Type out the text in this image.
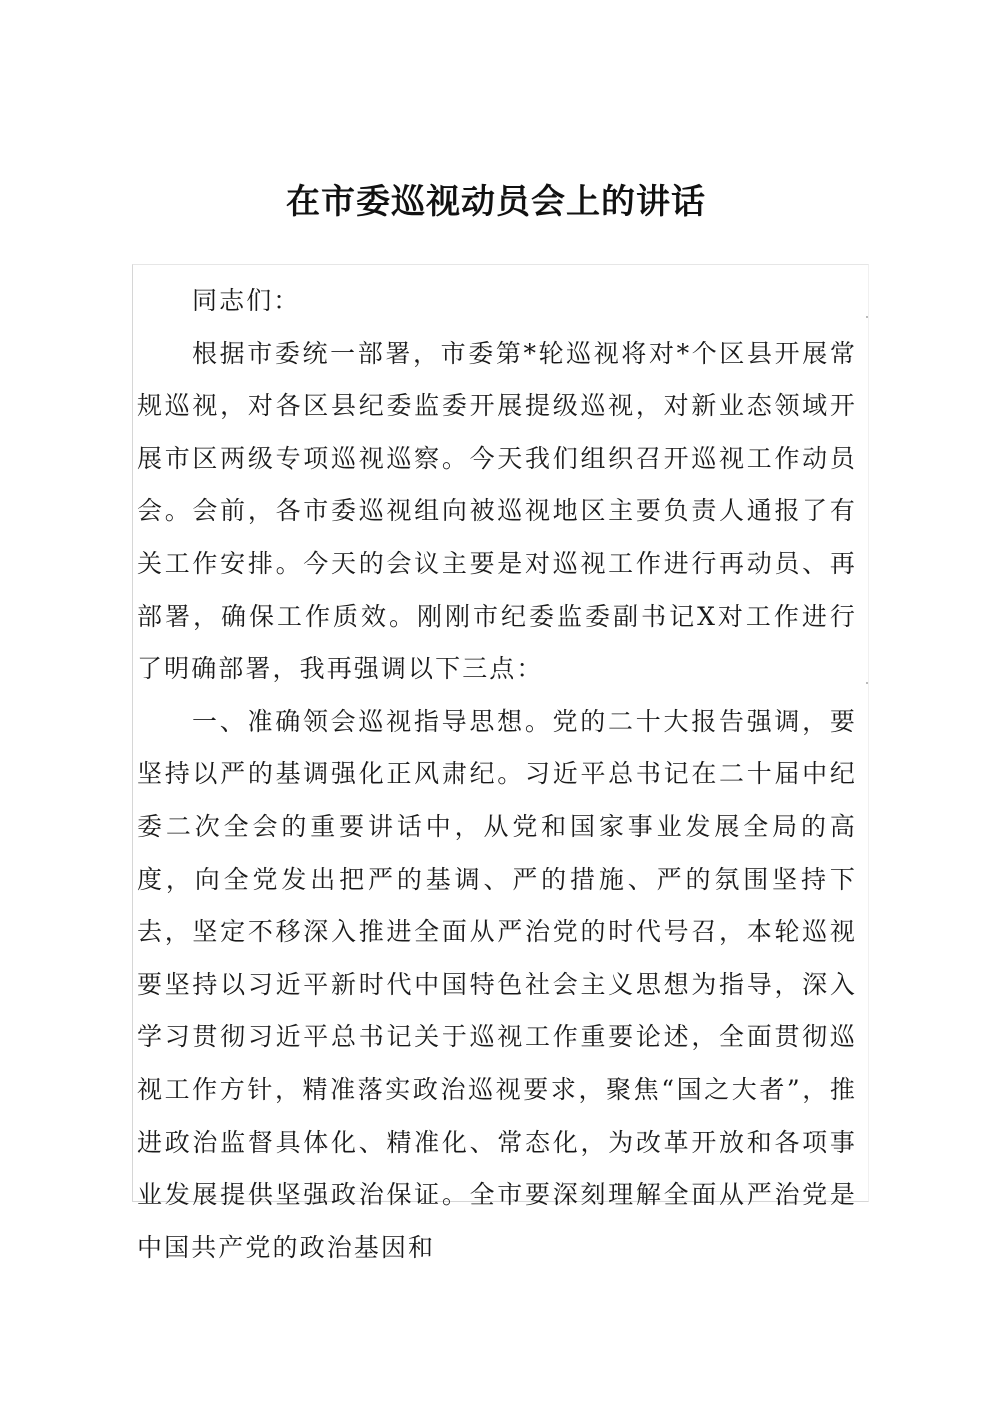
在市委巡视动员会上的讲话

同志们：

根据市委统一部署，市委第*轮巡视将对*个区县开展常规巡视，对各区县纪委监委开展提级巡视，对新业态领域开展市区两级专项巡视巡察。今天我们组织召开巡视工作动员会。会前，各市委巡视组向被巡视地区主要负责人通报了有关工作安排。今天的会议主要是对巡视工作进行再动员、再部署，确保工作质效。刚刚市纪委监委副书记X对工作进行了明确部署，我再强调以下三点：

一、准确领会巡视指导思想。党的二十大报告强调，要坚持以严的基调强化正风肃纪。习近平总书记在二十届中纪委二次全会的重要讲话中，从党和国家事业发展全局的高度，向全党发出把严的基调、严的措施、严的氛围坚持下去，坚定不移深入推进全面从严治党的时代号召，本轮巡视要坚持以习近平新时代中国特色社会主义思想为指导，深入学习贯彻习近平总书记关于巡视工作重要论述，全面贯彻巡视工作方针，精准落实政治巡视要求，聚焦“国之大者”，推进政治监督具体化、精准化、常态化，为改革开放和各项事业发展提供坚强政治保证。全市要深刻理解全面从严治党是中国共产党的政治基因和
